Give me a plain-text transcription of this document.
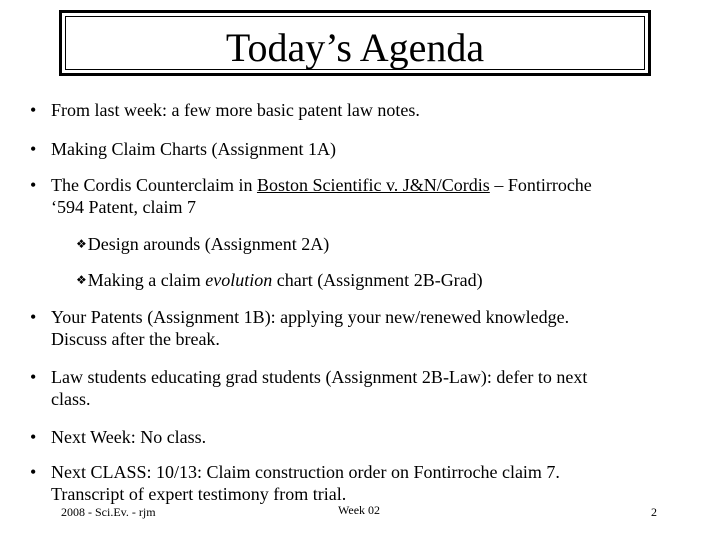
Today’s Agenda
• From last week: a few more basic patent law notes.
• Making Claim Charts (Assignment 1A)
• The Cordis Counterclaim in Boston Scientific v. J&N/Cordis – Fontirroche
‘594 Patent, claim 7
❖Design arounds (Assignment 2A)
❖Making a claim evolution chart (Assignment 2B-Grad)
• Your Patents (Assignment 1B): applying your new/renewed knowledge.
Discuss after the break.
• Law students educating grad students (Assignment 2B-Law): defer to next
class.
• Next Week: No class.
• Next CLASS: 10/13: Claim construction order on Fontirroche claim 7.
Transcript of expert testimony from trial.
2008 - Sci.Ev. - rjm	Week 02	2
